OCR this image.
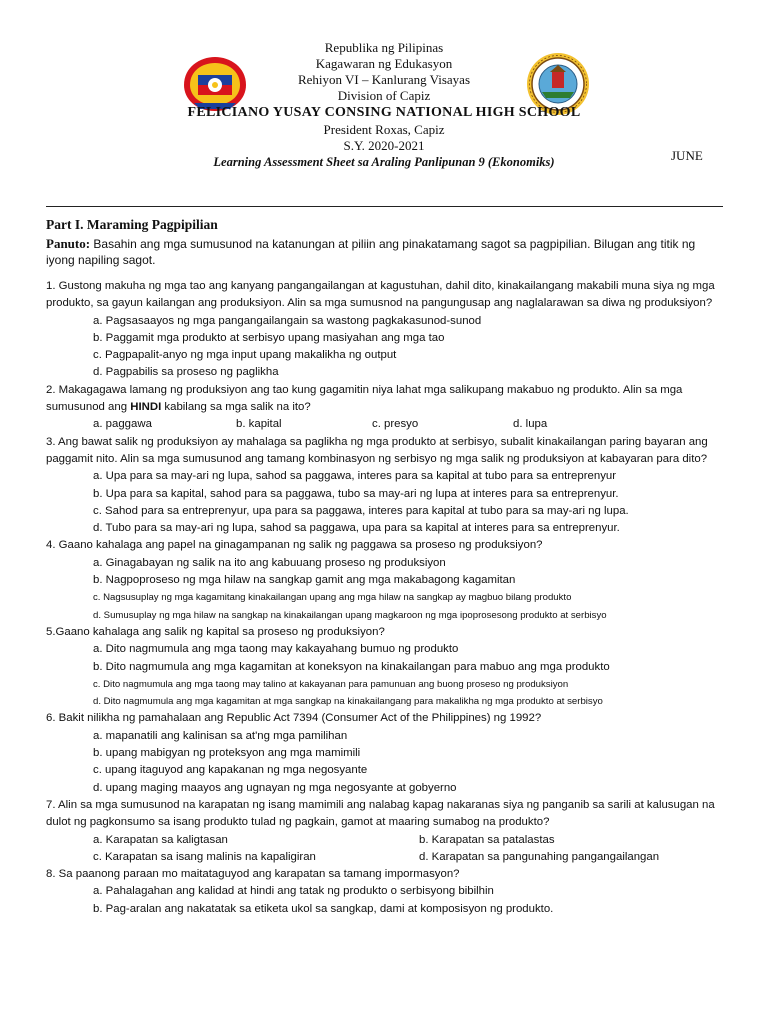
Republika ng Pilipinas
Kagawaran ng Edukasyon
Rehiyon VI – Kanlurang Visayas
Division of Capiz
FELICIANO YUSAY CONSING NATIONAL HIGH SCHOOL
President Roxas, Capiz
S.Y. 2020-2021
Learning Assessment Sheet sa Araling Panlipunan 9 (Ekonomiks)	JUNE
Part I. Maraming Pagpipilian
Panuto: Basahin ang mga sumusunod na katanungan at piliin ang pinakatamang sagot sa pagpipilian. Bilugan ang titik ng iyong napiling sagot.
1. Gustong makuha ng mga tao ang kanyang pangangailangan at kagustuhan, dahil dito, kinakailangang makabili muna siya ng mga produkto, sa gayun kailangan ang produksiyon. Alin sa mga sumusnod na pangungusap ang naglalarawan sa diwa ng produksiyon?
a. Pagsasaayos ng mga pangangailangain sa wastong pagkakasunod-sunod
b. Paggamit mga produkto at serbisyo upang masiyahan ang mga tao
c. Pagpapalit-anyo ng mga input upang makalikha ng output
d. Pagpabilis sa proseso ng paglikha
2. Makagagawa lamang ng produksiyon ang tao kung gagamitin niya lahat mga salikupang makabuo ng produkto. Alin sa mga sumusunod ang HINDI kabilang sa mga salik na ito?
a. paggawa	b. kapital	c. presyo	d. lupa
3. Ang bawat salik ng produksiyon ay mahalaga sa paglikha ng mga produkto at serbisyo, subalit kinakailangan paring bayaran ang paggamit nito. Alin sa mga sumusunod ang tamang kombinasyon ng serbisyo ng mga salik ng produksiyon at kabayaran para dito?
a. Upa para sa may-ari ng lupa, sahod sa paggawa, interes para sa kapital at tubo para sa entreprenyur
b. Upa para sa kapital, sahod para sa paggawa, tubo sa may-ari ng lupa at interes para sa entreprenyur.
c. Sahod para sa entreprenyur, upa para sa paggawa, interes para kapital at tubo para sa may-ari ng lupa.
d. Tubo para sa may-ari ng lupa, sahod sa paggawa, upa para sa kapital at interes para sa entreprenyur.
4. Gaano kahalaga ang papel na ginagampanan ng salik ng paggawa sa proseso ng produksiyon?
a. Ginagabayan ng salik na ito ang kabuuang proseso ng produksiyon
b. Nagpoproseso ng mga hilaw na sangkap gamit ang mga makabagong kagamitan
c. Nagsusuplay ng mga kagamitang kinakailangan upang ang mga hilaw na sangkap ay magbuo bilang produkto
d. Sumusuplay ng mga hilaw na sangkap na kinakailangan upang magkaroon ng mga ipoprosesong produkto at serbisyo
5.Gaano kahalaga ang salik ng kapital sa proseso ng produksiyon?
a. Dito nagmumula ang mga taong may kakayahang bumuo ng produkto
b. Dito nagmumula ang mga kagamitan at koneksyon na kinakailangan para mabuo ang mga produkto
c. Dito nagmumula ang mga taong may talino at kakayanan para pamunuan ang buong proseso ng produksiyon
d. Dito nagmumula ang mga kagamitan at mga sangkap na kinakailangang para makalikha ng mga produkto at serbisyo
6. Bakit nilikha ng pamahalaan ang Republic Act 7394 (Consumer Act of the Philippines) ng 1992?
a. mapanatili ang kalinisan sa at'ng mga pamilihan
b. upang mabigyan ng proteksyon ang mga mamimili
c. upang itaguyod ang kapakanan ng mga negosyante
d. upang maging maayos ang ugnayan ng mga negosyante at gobyerno
7. Alin sa mga sumusunod na karapatan ng isang mamimili ang nalabag kapag nakaranas siya ng panganib sa sarili at kalusugan na dulot ng pagkonsumo sa isang produkto tulad ng pagkain, gamot at maaring sumabog na produkto?
a. Karapatan sa kaligtasan	b. Karapatan sa patalastas
c. Karapatan sa isang malinis na kapaligiran	d. Karapatan sa pangunahing pangangailangan
8. Sa paanong paraan mo maitataguyod ang karapatan sa tamang impormasyon?
a. Pahalagahan ang kalidad at hindi ang tatak ng produkto o serbisyong bibilhin
b. Pag-aralan ang nakatatak sa etiketa ukol sa sangkap, dami at komposisyon ng produkto.
